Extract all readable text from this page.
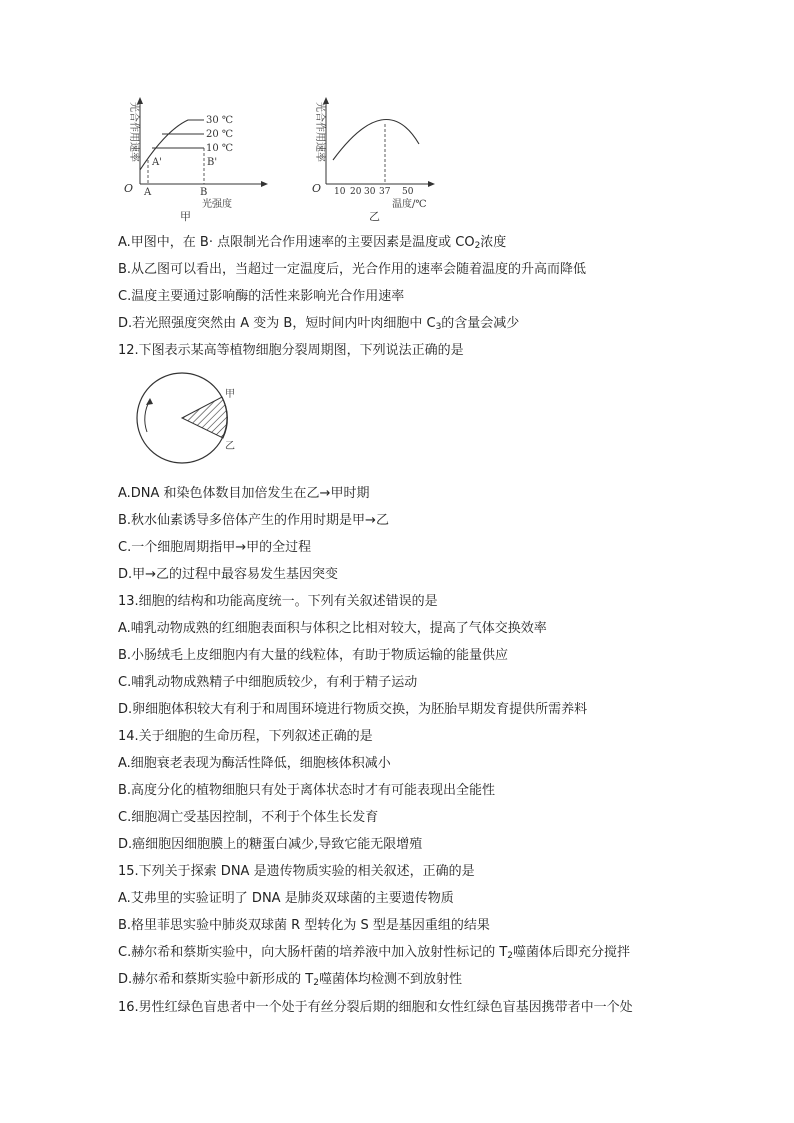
30 ℃
20 ℃
10 ℃
A'	B'
A	B
O
光强度
甲
光合作用速率
O 10 20 30 37 50
温度/℃
乙
光合作用速率
A.甲图中，在 B· 点限制光合作用速率的主要因素是温度或 $CO_2$浓度
B.从乙图可以看出，当超过一定温度后，光合作用的速率会随着温度的升高而降低
C.温度主要通过影响酶的活性来影响光合作用速率
D.若光照强度突然由 A 变为 B，短时间内叶肉细胞中 $C_3$的含量会减少
12.下图表示某高等植物细胞分裂周期图，下列说法正确的是
甲
乙
A.DNA 和染色体数目加倍发生在乙→甲时期
B.秋水仙素诱导多倍体产生的作用时期是甲→乙
C.一个细胞周期指甲→甲的全过程
D.甲→乙的过程中最容易发生基因突变
13.细胞的结构和功能高度统一。下列有关叙述错误的是
A.哺乳动物成熟的红细胞表面积与体积之比相对较大，提高了气体交换效率
B.小肠绒毛上皮细胞内有大量的线粒体，有助于物质运输的能量供应
C.哺乳动物成熟精子中细胞质较少，有利于精子运动
D.卵细胞体积较大有利于和周围环境进行物质交换，为胚胎早期发育提供所需养料
14.关于细胞的生命历程，下列叙述正确的是
A.细胞衰老表现为酶活性降低，细胞核体积减小
B.高度分化的植物细胞只有处于离体状态时才有可能表现出全能性
C.细胞凋亡受基因控制，不利于个体生长发育
D.癌细胞因细胞膜上的糖蛋白减少,导致它能无限增殖
15.下列关于探索 DNA 是遗传物质实验的相关叙述，正确的是
A.艾弗里的实验证明了 DNA 是肺炎双球菌的主要遗传物质
B.格里菲思实验中肺炎双球菌 R 型转化为 S 型是基因重组的结果
C.赫尔希和蔡斯实验中，向大肠杆菌的培养液中加入放射性标记的 $T_2$噬菌体后即充分搅拌
D.赫尔希和蔡斯实验中新形成的 $T_2$噬菌体均检测不到放射性
16.男性红绿色盲患者中一个处于有丝分裂后期的细胞和女性红绿色盲基因携带者中一个处
